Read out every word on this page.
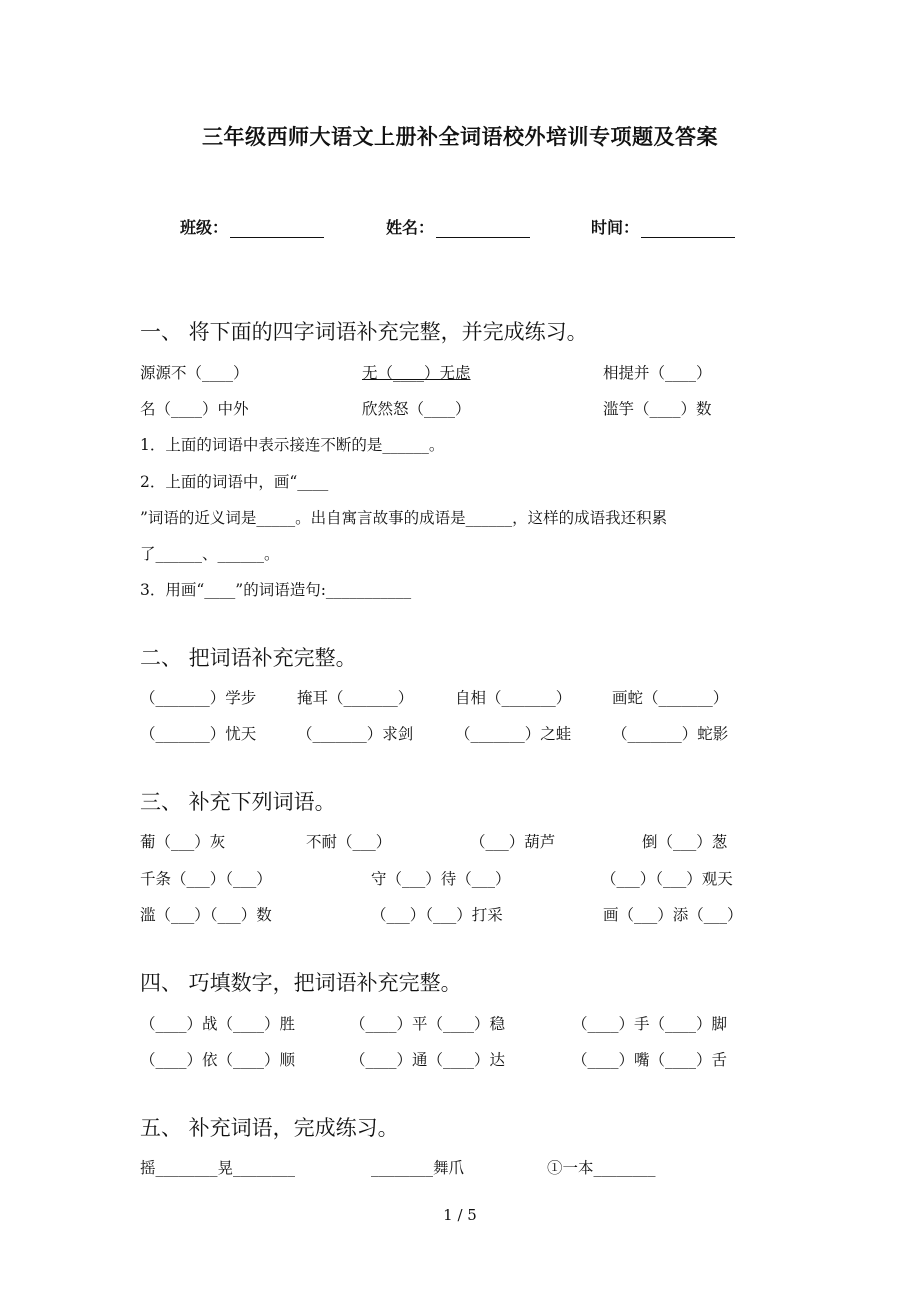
三年级西师大语文上册补全词语校外培训专项题及答案
班级：	姓名：	时间：
一、 将下面的四字词语补充完整，并完成练习。
源源不（____）	无（____）无虑	相提并（____）
名（____）中外	欣然怒（____）	滥竽（____）数
1．上面的词语中表示接连不断的是______。
2．上面的词语中，画“____
”词语的近义词是_____。出自寓言故事的成语是______，这样的成语我还积累
了______、______。
3．用画“____”的词语造句:___________
二、 把词语补充完整。
（_______）学步	掩耳（_______）	自相（_______）	画蛇（_______）
（_______）忧天	（_______）求剑	（_______）之蛙	（_______）蛇影
三、 补充下列词语。
葡（___）灰	不耐（___）	（___）葫芦	倒（___）葱
千条（___）（___）	守（___）待（___）	（___）（___）观天
滥（___）（___）数	（___）（___）打采	画（___）添（___）
四、 巧填数字，把词语补充完整。
（____）战（____）胜	（____）平（____）稳	（____）手（____）脚
（____）依（____）顺	（____）通（____）达	（____）嘴（____）舌
五、 补充词语，完成练习。
摇________晃________	________舞爪	①一本________
1 / 5
